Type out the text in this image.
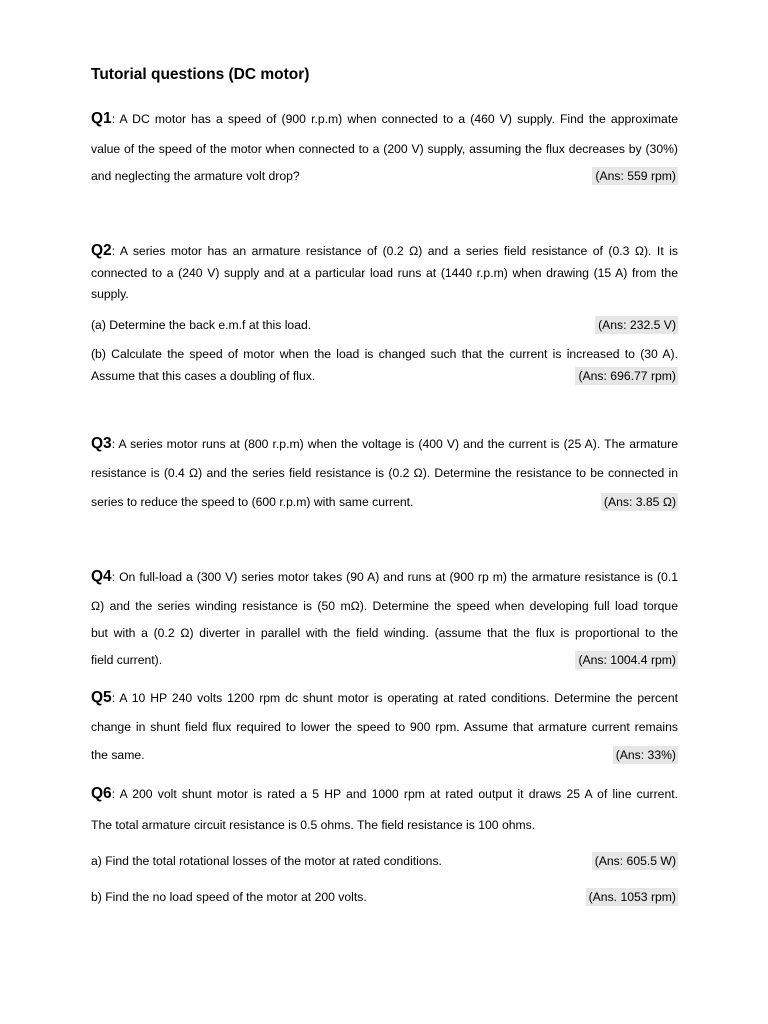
Tutorial questions (DC motor)
Q1: A DC motor has a speed of (900 r.p.m) when connected to a (460 V) supply. Find the approximate
value of the speed of the motor when connected to a (200 V) supply, assuming the flux decreases by (30%)
and neglecting the armature volt drop?	(Ans: 559 rpm)
Q2: A series motor has an armature resistance of (0.2 Ω) and a series field resistance of (0.3 Ω). It is
connected to a (240 V) supply and at a particular load runs at (1440 r.p.m) when drawing (15 A) from the
supply.
(a) Determine the back e.m.f at this load.	(Ans: 232.5 V)
(b) Calculate the speed of motor when the load is changed such that the current is increased to (30 A).
Assume that this cases a doubling of flux.	(Ans: 696.77 rpm)
Q3: A series motor runs at (800 r.p.m) when the voltage is (400 V) and the current is (25 A). The armature
resistance is (0.4 Ω) and the series field resistance is (0.2 Ω). Determine the resistance to be connected in
series to reduce the speed to (600 r.p.m) with same current.	(Ans: 3.85 Ω)
Q4: On full-load a (300 V) series motor takes (90 A) and runs at (900 rp m) the armature resistance is (0.1
Ω) and the series winding resistance is (50 mΩ). Determine the speed when developing full load torque
but with a (0.2 Ω) diverter in parallel with the field winding. (assume that the flux is proportional to the
field current).	(Ans: 1004.4 rpm)
Q5: A 10 HP 240 volts 1200 rpm dc shunt motor is operating at rated conditions. Determine the percent
change in shunt field flux required to lower the speed to 900 rpm. Assume that armature current remains
the same.	(Ans: 33%)
Q6: A 200 volt shunt motor is rated a 5 HP and 1000 rpm at rated output it draws 25 A of line current.
The total armature circuit resistance is 0.5 ohms. The field resistance is 100 ohms.
a) Find the total rotational losses of the motor at rated conditions.	(Ans: 605.5 W)
b) Find the no load speed of the motor at 200 volts.	(Ans. 1053 rpm)
